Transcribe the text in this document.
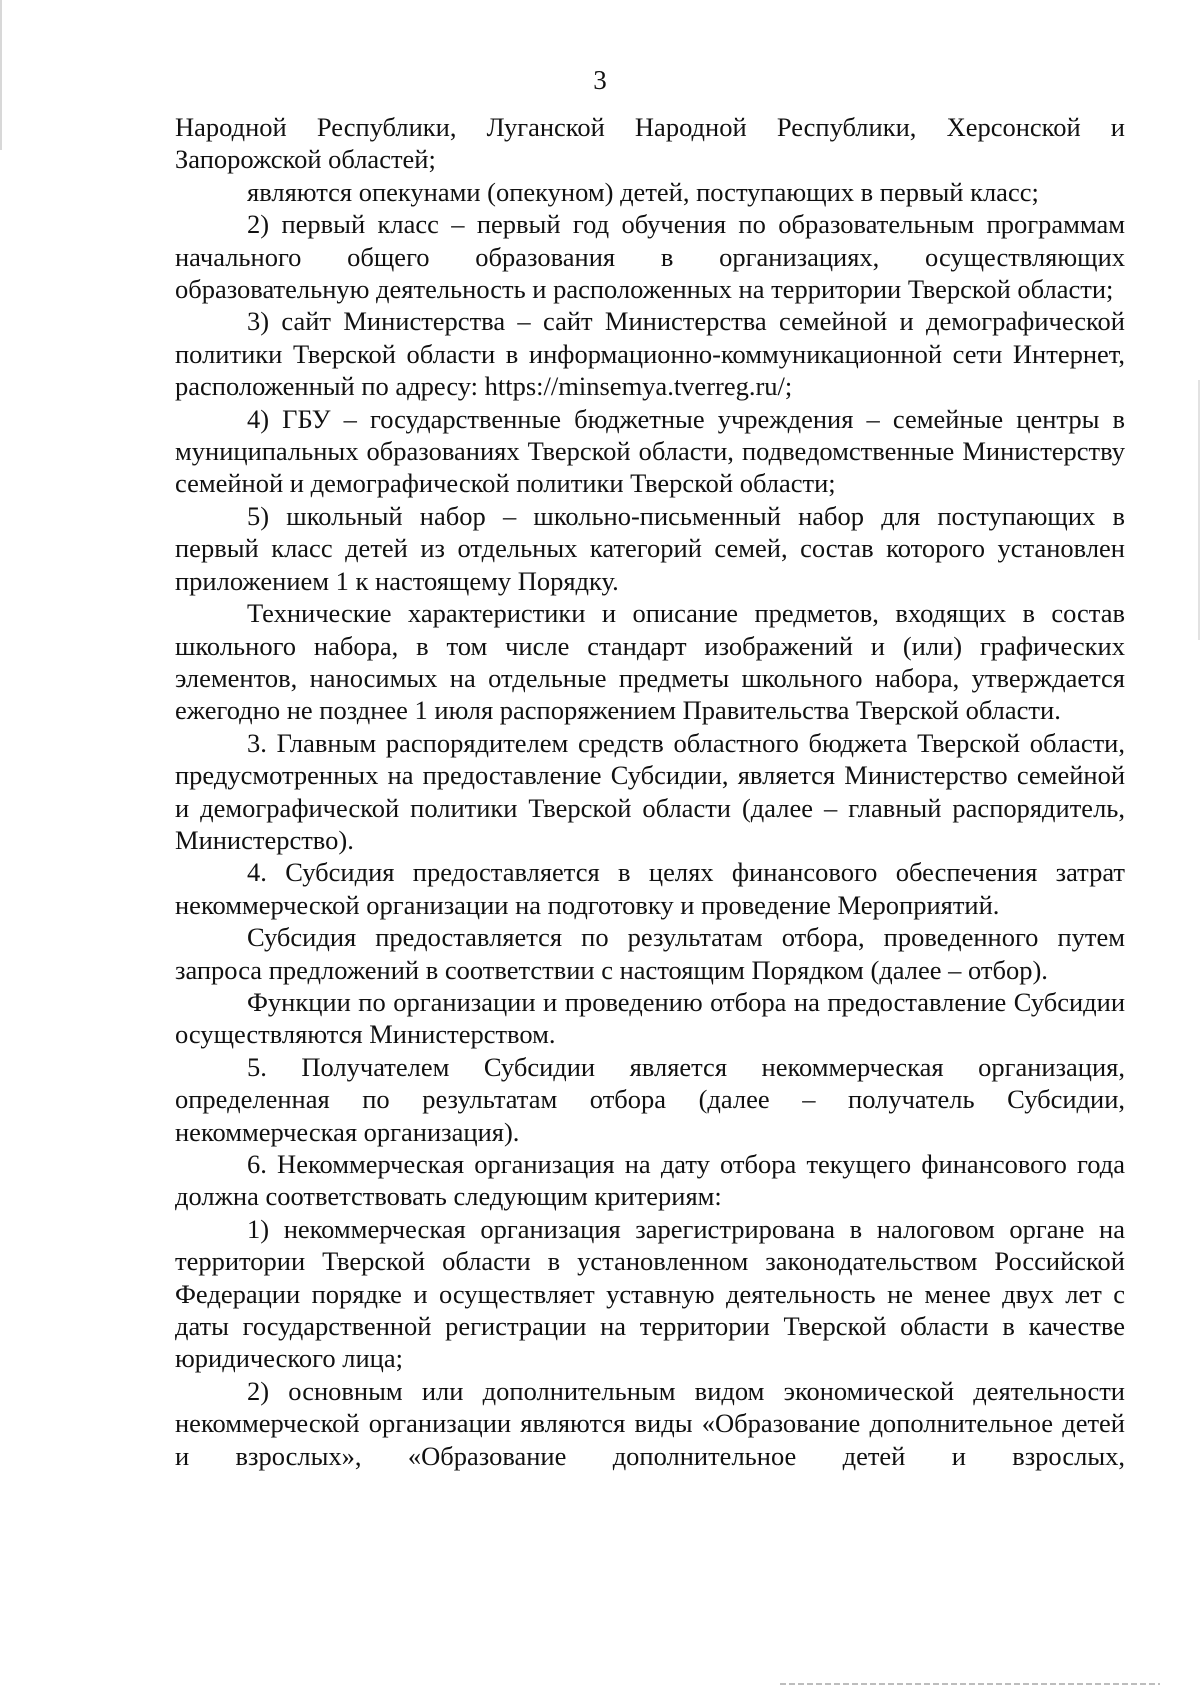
3

Народной Республики, Луганской Народной Республики, Херсонской и Запорожской областей;

являются опекунами (опекуном) детей, поступающих в первый класс;

2) первый класс – первый год обучения по образовательным программам начального общего образования в организациях, осуществляющих образовательную деятельность и расположенных на территории Тверской области;

3) сайт Министерства – сайт Министерства семейной и демографической политики Тверской области в информационно-коммуникационной сети Интернет, расположенный по адресу: https://minsemya.tverreg.ru/;

4) ГБУ – государственные бюджетные учреждения – семейные центры в муниципальных образованиях Тверской области, подведомственные Министерству семейной и демографической политики Тверской области;

5) школьный набор – школьно-письменный набор для поступающих в первый класс детей из отдельных категорий семей, состав которого установлен приложением 1 к настоящему Порядку.

Технические характеристики и описание предметов, входящих в состав школьного набора, в том числе стандарт изображений и (или) графических элементов, наносимых на отдельные предметы школьного набора, утверждается ежегодно не позднее 1 июля распоряжением Правительства Тверской области.

3. Главным распорядителем средств областного бюджета Тверской области, предусмотренных на предоставление Субсидии, является Министерство семейной и демографической политики Тверской области (далее – главный распорядитель, Министерство).

4. Субсидия предоставляется в целях финансового обеспечения затрат некоммерческой организации на подготовку и проведение Мероприятий.

Субсидия предоставляется по результатам отбора, проведенного путем запроса предложений в соответствии с настоящим Порядком (далее – отбор).

Функции по организации и проведению отбора на предоставление Субсидии осуществляются Министерством.

5. Получателем Субсидии является некоммерческая организация, определенная по результатам отбора (далее – получатель Субсидии, некоммерческая организация).

6. Некоммерческая организация на дату отбора текущего финансового года должна соответствовать следующим критериям:

1) некоммерческая организация зарегистрирована в налоговом органе на территории Тверской области в установленном законодательством Российской Федерации порядке и осуществляет уставную деятельность не менее двух лет с даты государственной регистрации на территории Тверской области в качестве юридического лица;

2) основным или дополнительным видом экономической деятельности некоммерческой организации являются виды «Образование дополнительное детей и взрослых», «Образование дополнительное детей и взрослых,
